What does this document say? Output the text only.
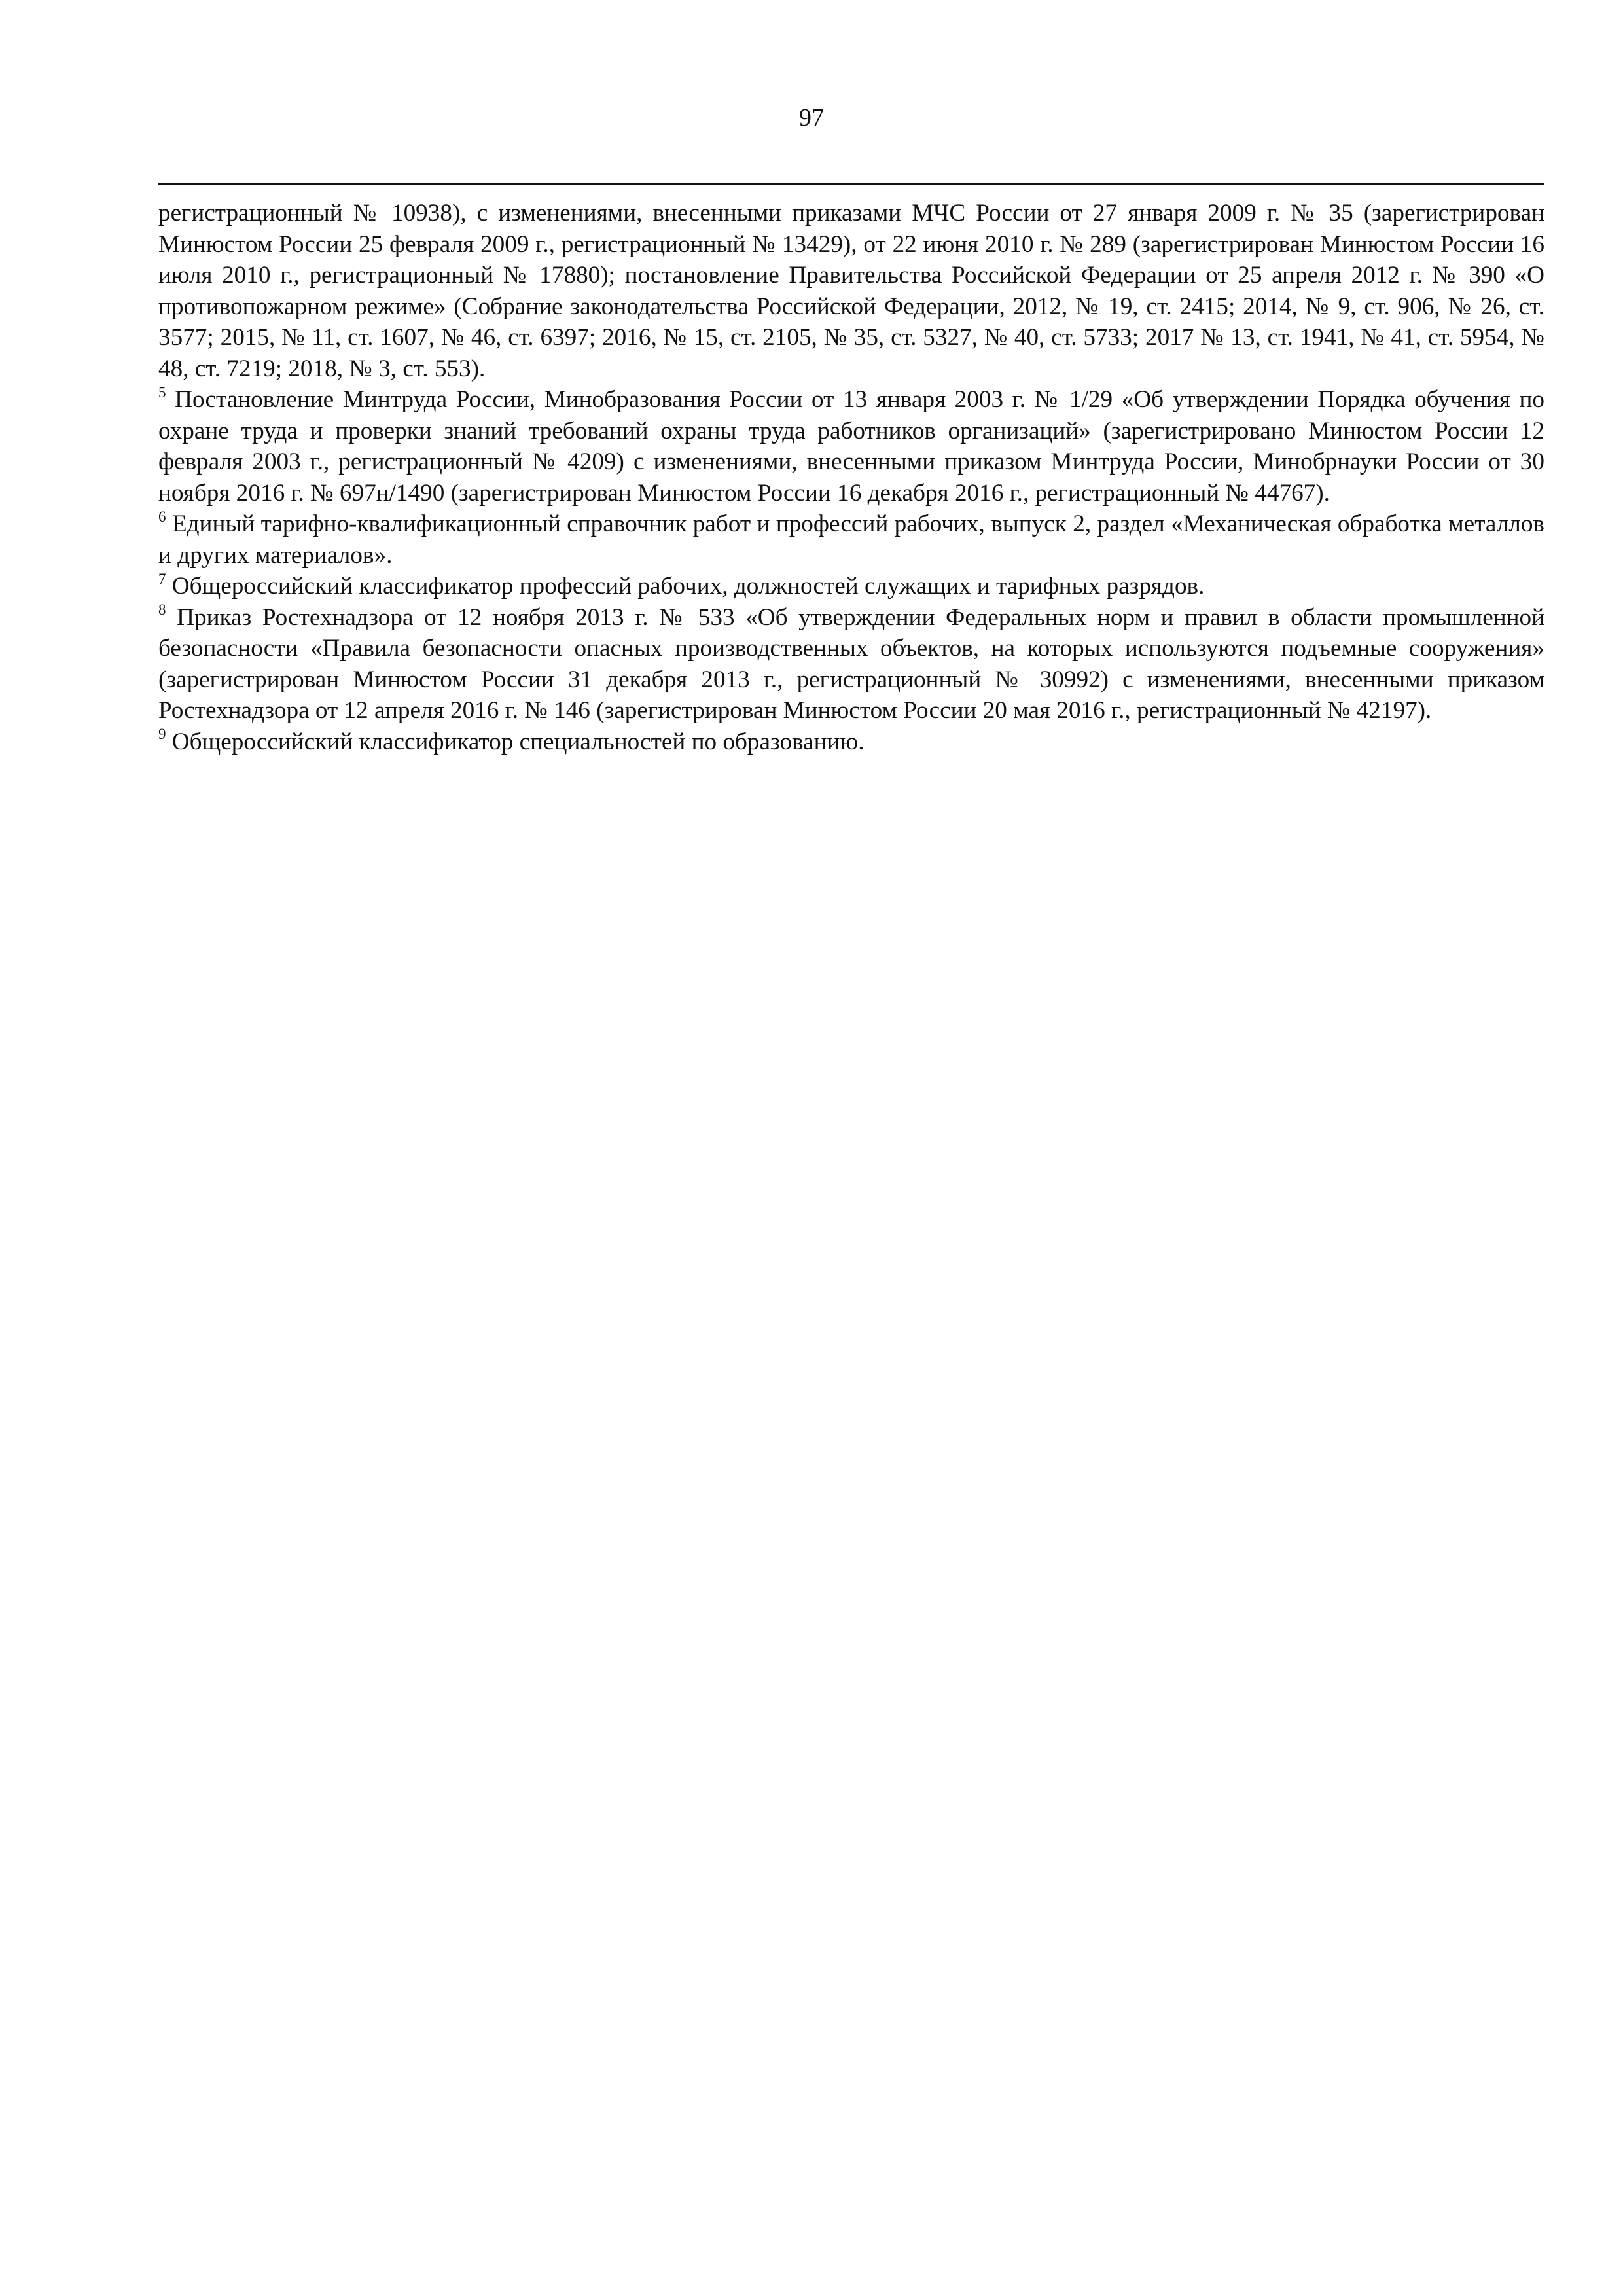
97

регистрационный № 10938), с изменениями, внесенными приказами МЧС России от 27 января 2009 г. № 35 (зарегистрирован Минюстом России 25 февраля 2009 г., регистрационный № 13429), от 22 июня 2010 г. № 289 (зарегистрирован Минюстом России 16 июля 2010 г., регистрационный № 17880); постановление Правительства Российской Федерации от 25 апреля 2012 г. № 390 «О противопожарном режиме» (Собрание законодательства Российской Федерации, 2012, № 19, ст. 2415; 2014, № 9, ст. 906, № 26, ст. 3577; 2015, № 11, ст. 1607, № 46, ст. 6397; 2016, № 15, ст. 2105, № 35, ст. 5327, № 40, ст. 5733; 2017 № 13, ст. 1941, № 41, ст. 5954, № 48, ст. 7219; 2018, № 3, ст. 553).

$^5$ Постановление Минтруда России, Минобразования России от 13 января 2003 г. № 1/29 «Об утверждении Порядка обучения по охране труда и проверки знаний требований охраны труда работников организаций» (зарегистрировано Минюстом России 12 февраля 2003 г., регистрационный № 4209) с изменениями, внесенными приказом Минтруда России, Минобрнауки России от 30 ноября 2016 г. № 697н/1490 (зарегистрирован Минюстом России 16 декабря 2016 г., регистрационный № 44767).

$^6$ Единый тарифно-квалификационный справочник работ и профессий рабочих, выпуск 2, раздел «Механическая обработка металлов и других материалов».

$^7$ Общероссийский классификатор профессий рабочих, должностей служащих и тарифных разрядов.

$^8$ Приказ Ростехнадзора от 12 ноября 2013 г. № 533 «Об утверждении Федеральных норм и правил в области промышленной безопасности «Правила безопасности опасных производственных объектов, на которых используются подъемные сооружения» (зарегистрирован Минюстом России 31 декабря 2013 г., регистрационный № 30992) с изменениями, внесенными приказом Ростехнадзора от 12 апреля 2016 г. № 146 (зарегистрирован Минюстом России 20 мая 2016 г., регистрационный № 42197).

$^9$ Общероссийский классификатор специальностей по образованию.
